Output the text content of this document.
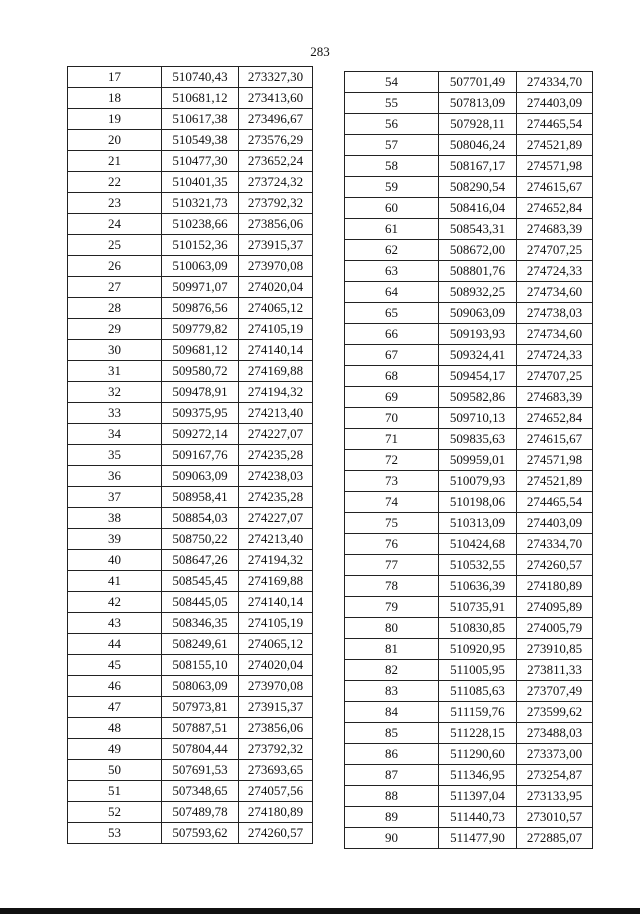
283
17	510740,43	273327,30
18	510681,12	273413,60
19	510617,38	273496,67
20	510549,38	273576,29
21	510477,30	273652,24
22	510401,35	273724,32
23	510321,73	273792,32
24	510238,66	273856,06
25	510152,36	273915,37
26	510063,09	273970,08
27	509971,07	274020,04
28	509876,56	274065,12
29	509779,82	274105,19
30	509681,12	274140,14
31	509580,72	274169,88
32	509478,91	274194,32
33	509375,95	274213,40
34	509272,14	274227,07
35	509167,76	274235,28
36	509063,09	274238,03
37	508958,41	274235,28
38	508854,03	274227,07
39	508750,22	274213,40
40	508647,26	274194,32
41	508545,45	274169,88
42	508445,05	274140,14
43	508346,35	274105,19
44	508249,61	274065,12
45	508155,10	274020,04
46	508063,09	273970,08
47	507973,81	273915,37
48	507887,51	273856,06
49	507804,44	273792,32
50	507691,53	273693,65
51	507348,65	274057,56
52	507489,78	274180,89
53	507593,62	274260,57
54	507701,49	274334,70
55	507813,09	274403,09
56	507928,11	274465,54
57	508046,24	274521,89
58	508167,17	274571,98
59	508290,54	274615,67
60	508416,04	274652,84
61	508543,31	274683,39
62	508672,00	274707,25
63	508801,76	274724,33
64	508932,25	274734,60
65	509063,09	274738,03
66	509193,93	274734,60
67	509324,41	274724,33
68	509454,17	274707,25
69	509582,86	274683,39
70	509710,13	274652,84
71	509835,63	274615,67
72	509959,01	274571,98
73	510079,93	274521,89
74	510198,06	274465,54
75	510313,09	274403,09
76	510424,68	274334,70
77	510532,55	274260,57
78	510636,39	274180,89
79	510735,91	274095,89
80	510830,85	274005,79
81	510920,95	273910,85
82	511005,95	273811,33
83	511085,63	273707,49
84	511159,76	273599,62
85	511228,15	273488,03
86	511290,60	273373,00
87	511346,95	273254,87
88	511397,04	273133,95
89	511440,73	273010,57
90	511477,90	272885,07
